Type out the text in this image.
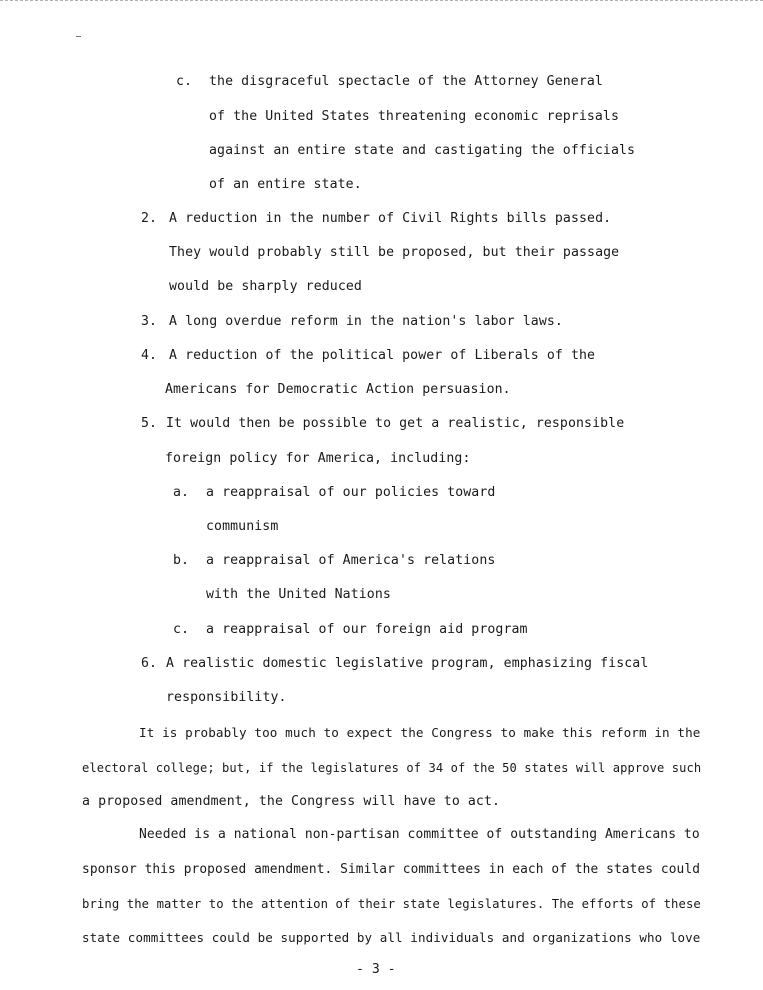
c. the disgraceful spectacle of the Attorney General
of the United States threatening economic reprisals
against an entire state and castigating the officials
of an entire state.
2. A reduction in the number of Civil Rights bills passed.
They would probably still be proposed, but their passage
would be sharply reduced
3. A long overdue reform in the nation's labor laws.
4. A reduction of the political power of Liberals of the
Americans for Democratic Action persuasion.
5. It would then be possible to get a realistic, responsible
foreign policy for America, including:
a. a reappraisal of our policies toward
communism
b. a reappraisal of America's relations
with the United Nations
c. a reappraisal of our foreign aid program
6. A realistic domestic legislative program, emphasizing fiscal
responsibility.
It is probably too much to expect the Congress to make this reform in the
electoral college; but, if the legislatures of 34 of the 50 states will approve such
a proposed amendment, the Congress will have to act.
Needed is a national non-partisan committee of outstanding Americans to
sponsor this proposed amendment. Similar committees in each of the states could
bring the matter to the attention of their state legislatures. The efforts of these
state committees could be supported by all individuals and organizations who love
- 3 -
